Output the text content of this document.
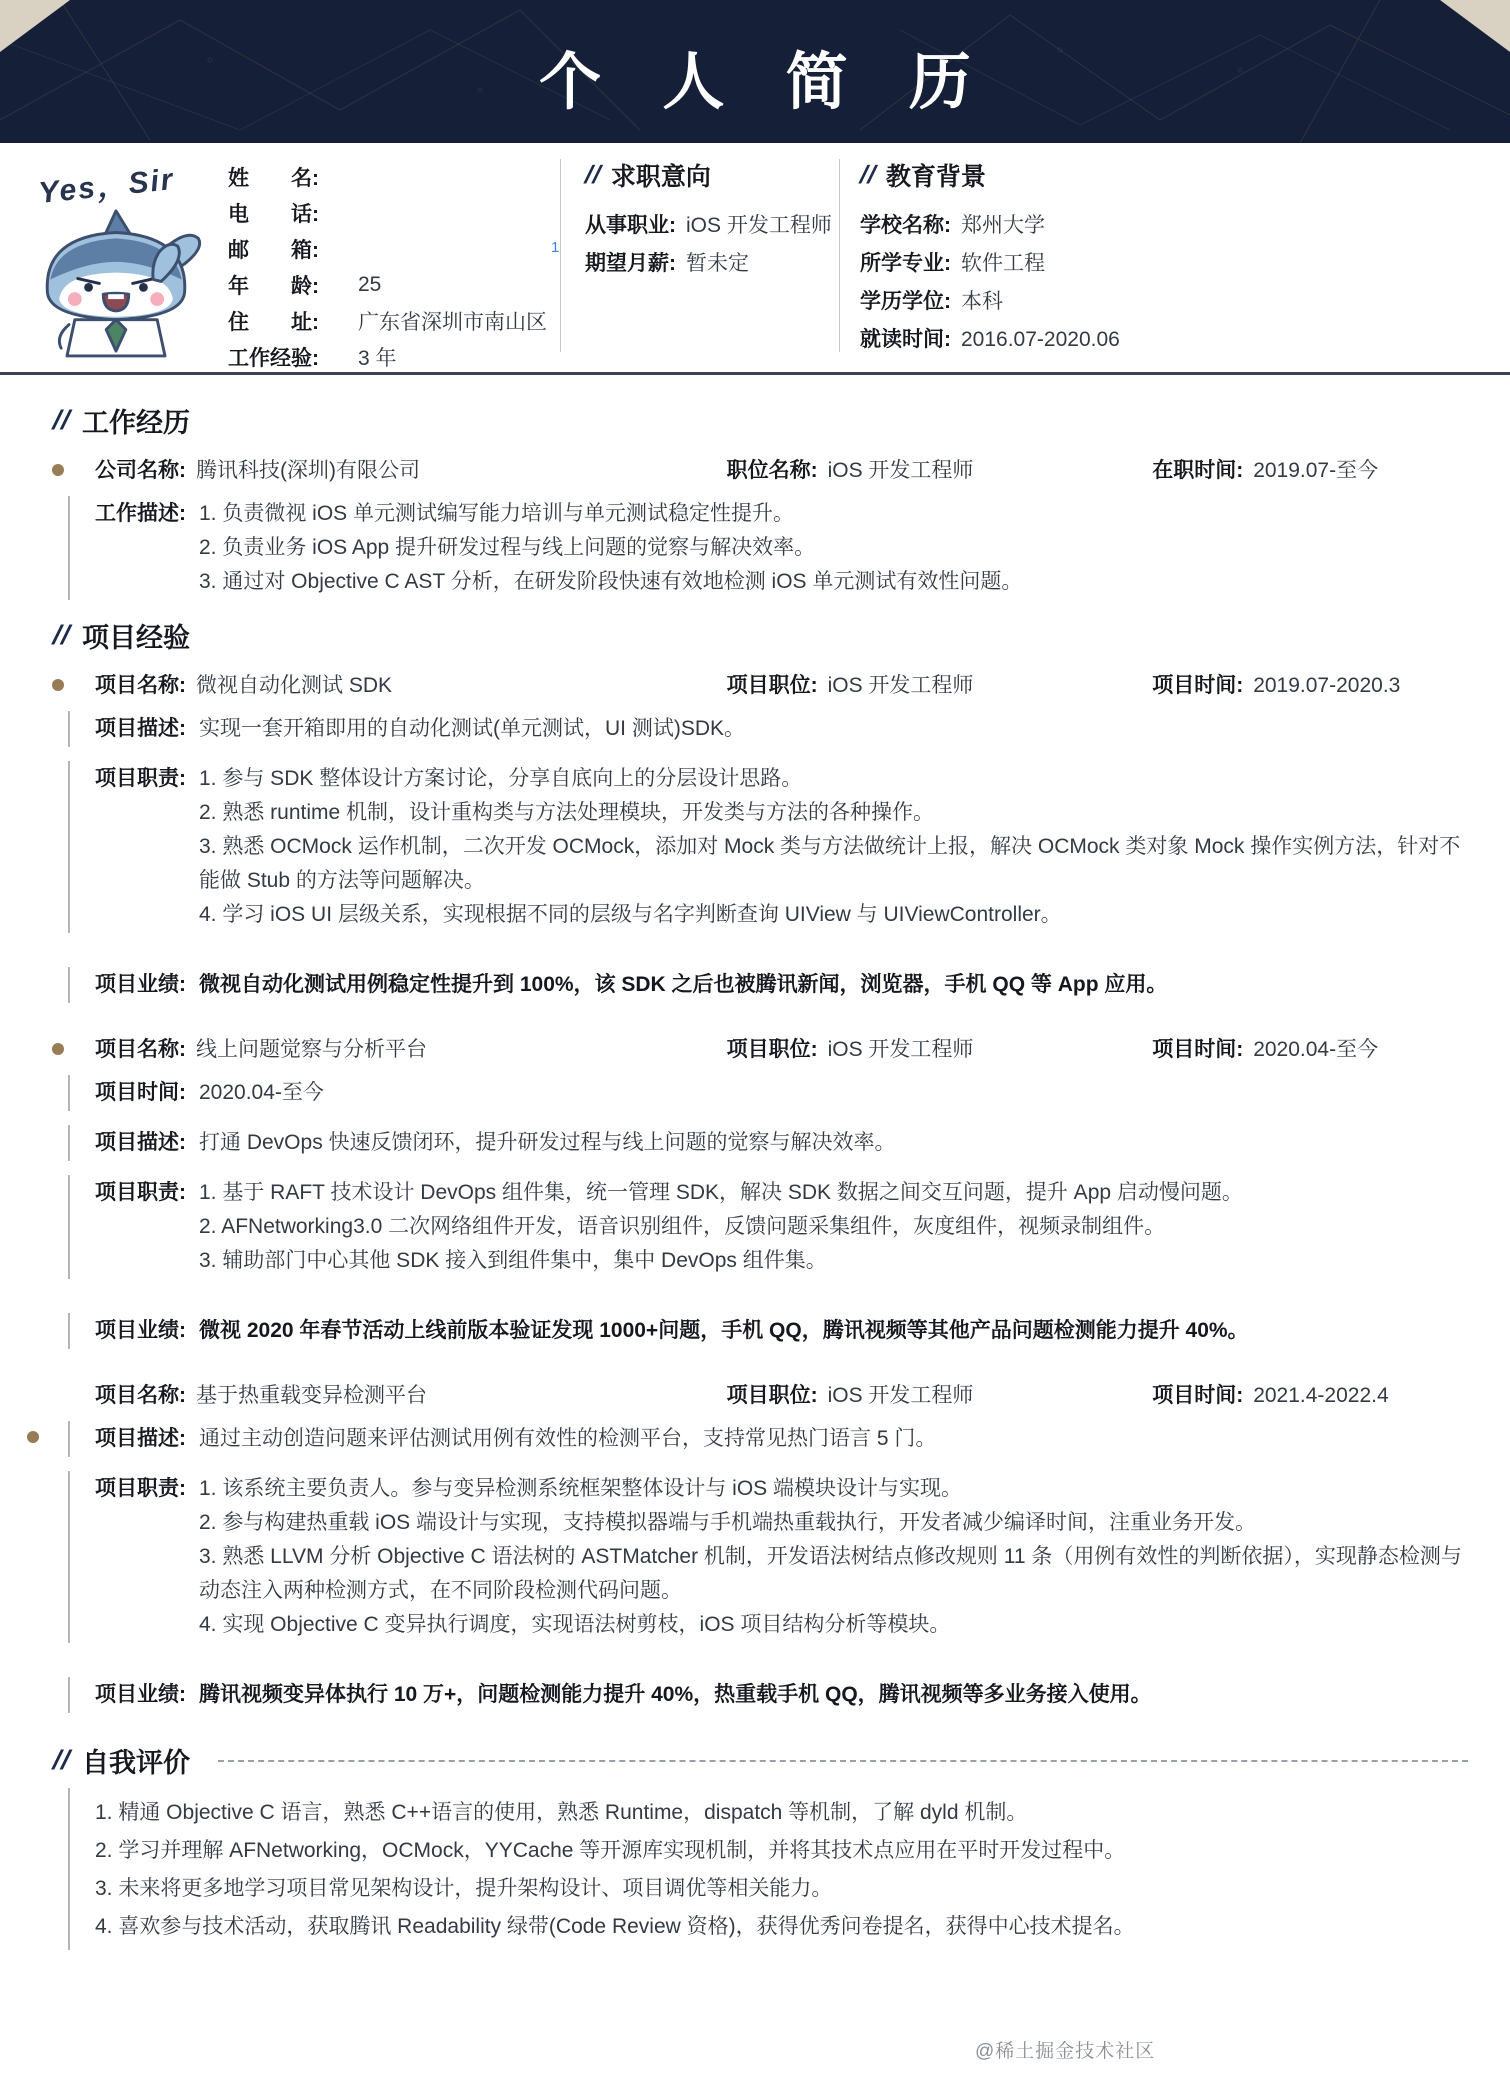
个 人 简 历
Yes，Sir 姓　　名:
电　　话:
邮　　箱:
年　　龄:	25
住　　址:	广东省深圳市南山区
工作经验:	3 年
1
// 求职意向
从事职业: iOS 开发工程师
期望月薪: 暂未定
// 教育背景
学校名称: 郑州大学
所学专业: 软件工程
学历学位: 本科
就读时间: 2016.07-2020.06
// 工作经历
公司名称: 腾讯科技(深圳)有限公司	职位名称: iOS 开发工程师	在职时间: 2019.07-至今
工作描述: 1. 负责微视 iOS 单元测试编写能力培训与单元测试稳定性提升。
2. 负责业务 iOS App 提升研发过程与线上问题的觉察与解决效率。
3. 通过对 Objective C AST 分析，在研发阶段快速有效地检测 iOS 单元测试有效性问题。
// 项目经验
项目名称: 微视自动化测试 SDK	项目职位: iOS 开发工程师	项目时间: 2019.07-2020.3
项目描述: 实现一套开箱即用的自动化测试(单元测试，UI 测试)SDK。
项目职责: 1. 参与 SDK 整体设计方案讨论，分享自底向上的分层设计思路。
2. 熟悉 runtime 机制，设计重构类与方法处理模块，开发类与方法的各种操作。
3. 熟悉 OCMock 运作机制，二次开发 OCMock，添加对 Mock 类与方法做统计上报，解决 OCMock 类对象 Mock 操作实例方法，针对不能做 Stub 的方法等问题解决。
4. 学习 iOS UI 层级关系，实现根据不同的层级与名字判断查询 UIView 与 UIViewController。
项目业绩: 微视自动化测试用例稳定性提升到 100%，该 SDK 之后也被腾讯新闻，浏览器，手机 QQ 等 App 应用。
项目名称: 线上问题觉察与分析平台	项目职位: iOS 开发工程师	项目时间: 2020.04-至今
项目时间: 2020.04-至今
项目描述: 打通 DevOps 快速反馈闭环，提升研发过程与线上问题的觉察与解决效率。
项目职责: 1. 基于 RAFT 技术设计 DevOps 组件集，统一管理 SDK，解决 SDK 数据之间交互问题，提升 App 启动慢问题。
2. AFNetworking3.0 二次网络组件开发，语音识别组件，反馈问题采集组件，灰度组件，视频录制组件。
3. 辅助部门中心其他 SDK 接入到组件集中，集中 DevOps 组件集。
项目业绩: 微视 2020 年春节活动上线前版本验证发现 1000+问题，手机 QQ，腾讯视频等其他产品问题检测能力提升 40%。
项目名称: 基于热重载变异检测平台	项目职位: iOS 开发工程师	项目时间: 2021.4-2022.4
项目描述: 通过主动创造问题来评估测试用例有效性的检测平台，支持常见热门语言 5 门。
项目职责: 1. 该系统主要负责人。参与变异检测系统框架整体设计与 iOS 端模块设计与实现。
2. 参与构建热重载 iOS 端设计与实现，支持模拟器端与手机端热重载执行，开发者减少编译时间，注重业务开发。
3. 熟悉 LLVM 分析 Objective C 语法树的 ASTMatcher 机制，开发语法树结点修改规则 11 条（用例有效性的判断依据），实现静态检测与动态注入两种检测方式，在不同阶段检测代码问题。
4. 实现 Objective C 变异执行调度，实现语法树剪枝，iOS 项目结构分析等模块。
项目业绩: 腾讯视频变异体执行 10 万+，问题检测能力提升 40%，热重载手机 QQ，腾讯视频等多业务接入使用。
// 自我评价
1. 精通 Objective C 语言，熟悉 C++语言的使用，熟悉 Runtime，dispatch 等机制，了解 dyld 机制。
2. 学习并理解 AFNetworking，OCMock，YYCache 等开源库实现机制，并将其技术点应用在平时开发过程中。
3. 未来将更多地学习项目常见架构设计，提升架构设计、项目调优等相关能力。
4. 喜欢参与技术活动，获取腾讯 Readability 绿带(Code Review 资格)，获得优秀问卷提名，获得中心技术提名。
@稀土掘金技术社区
